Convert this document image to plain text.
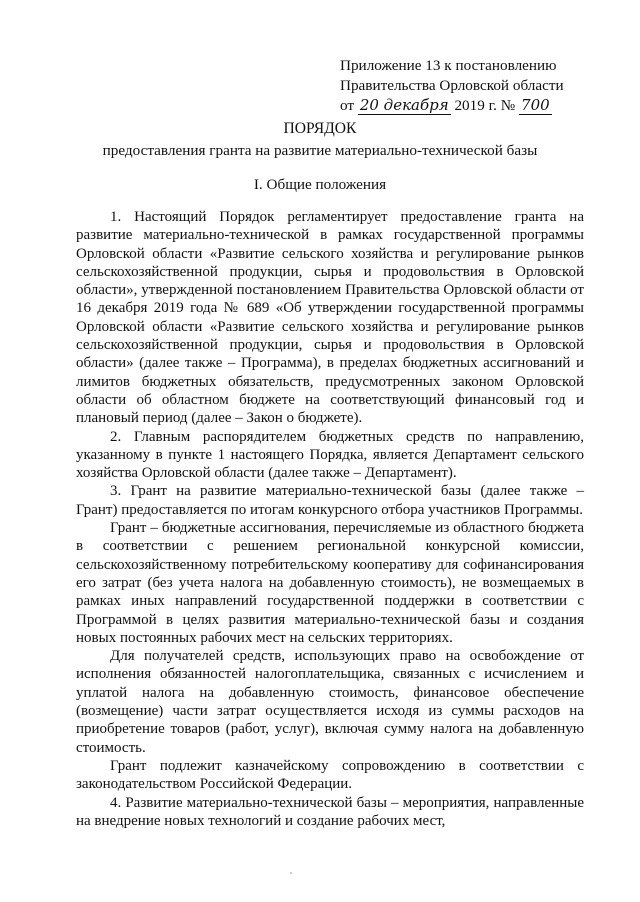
Приложение 13 к постановлению
Правительства Орловской области
от 20 декабря 2019 г. № 700
ПОРЯДОК
предоставления гранта на развитие материально-технической базы
I. Общие положения

1. Настоящий Порядок регламентирует предоставление гранта на развитие материально-технической в рамках государственной программы Орловской области «Развитие сельского хозяйства и регулирование рынков сельскохозяйственной продукции, сырья и продовольствия в Орловской области», утвержденной постановлением Правительства Орловской области от 16 декабря 2019 года № 689 «Об утверждении государственной программы Орловской области «Развитие сельского хозяйства и регулирование рынков сельскохозяйственной продукции, сырья и продовольствия в Орловской области» (далее также – Программа), в пределах бюджетных ассигнований и лимитов бюджетных обязательств, предусмотренных законом Орловской области об областном бюджете на соответствующий финансовый год и плановый период (далее – Закон о бюджете).

2. Главным распорядителем бюджетных средств по направлению, указанному в пункте 1 настоящего Порядка, является Департамент сельского хозяйства Орловской области (далее также – Департамент).

3. Грант на развитие материально-технической базы (далее также – Грант) предоставляется по итогам конкурсного отбора участников Программы.

Грант – бюджетные ассигнования, перечисляемые из областного бюджета в соответствии с решением региональной конкурсной комиссии, сельскохозяйственному потребительскому кооперативу для софинансирования его затрат (без учета налога на добавленную стоимость), не возмещаемых в рамках иных направлений государственной поддержки в соответствии с Программой в целях развития материально-технической базы и создания новых постоянных рабочих мест на сельских территориях.

Для получателей средств, использующих право на освобождение от исполнения обязанностей налогоплательщика, связанных с исчислением и уплатой налога на добавленную стоимость, финансовое обеспечение (возмещение) части затрат осуществляется исходя из суммы расходов на приобретение товаров (работ, услуг), включая сумму налога на добавленную стоимость.

Грант подлежит казначейскому сопровождению в соответствии с законодательством Российской Федерации.

4. Развитие материально-технической базы – мероприятия, направленные на внедрение новых технологий и создание рабочих мест,
